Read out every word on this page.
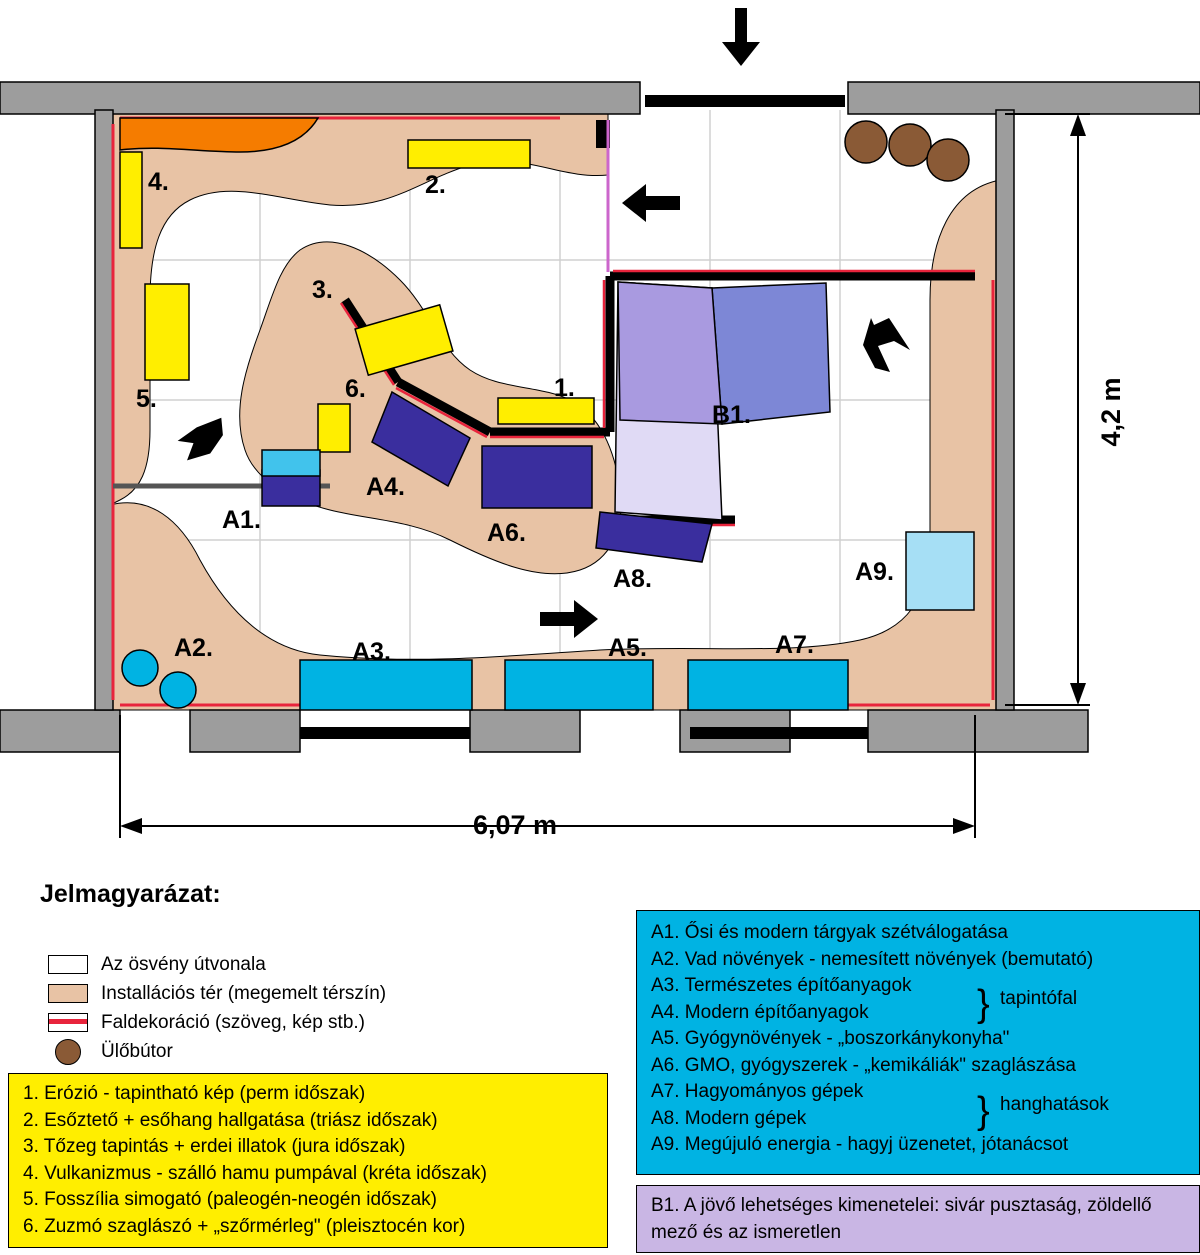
6,07 m
4,2 m
4.	2.
3.
6.	1.
5.
A1.
A4.
A6.
A8.
B1.
A9.
A2.	A3.	A5.	A7.
Jelmagyarázat:
Az ösvény útvonala
Installációs tér (megemelt térszín)
Faldekoráció (szöveg, kép stb.)
Ülőbútor
1. Erózió - tapintható kép (perm időszak)
2. Esőztető + esőhang hallgatása (triász időszak)
3. Tőzeg tapintás + erdei illatok (jura időszak)
4. Vulkanizmus - szálló hamu pumpával (kréta időszak)
5. Fosszília simogató (paleogén-neogén időszak)
6. Zuzmó szaglászó + „szőrmérleg" (pleisztocén kor)
A1. Ősi és modern tárgyak szétválogatása
A2. Vad növények - nemesített növények (bemutató)
A3. Természetes építőanyagok
A4. Modern építőanyagok
A5. Gyógynövények - „boszorkánykonyha"
A6. GMO, gyógyszerek - „kemikáliák" szaglászása
A7. Hagyományos gépek
A8. Modern gépek
A9. Megújuló energia - hagyj üzenetet, jótanácsot
} tapintófal
} hanghatások
B1. A jövő lehetséges kimenetelei: sivár pusztaság, zöldellő mező és az ismeretlen
